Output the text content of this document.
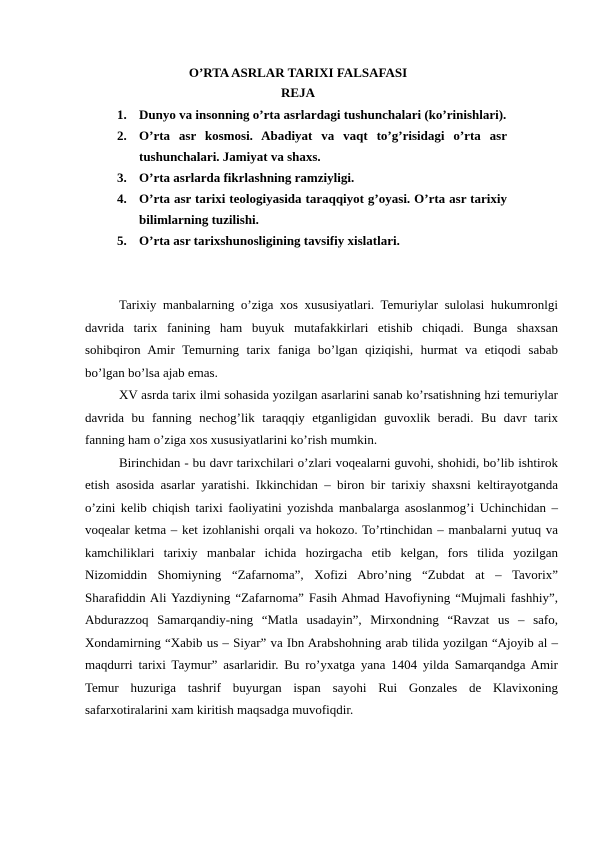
O’RTA ASRLAR TARIXI FALSAFASI
REJA
1. Dunyo va insonning o’rta asrlardagi tushunchalari (ko’rinishlari).
2. O’rta asr kosmosi. Abadiyat va vaqt to’g’risidagi o’rta asr tushunchalari. Jamiyat va shaxs.
3. O’rta asrlarda fikrlashning ramziyligi.
4. O’rta asr tarixi teologiyasida taraqqiyot g’oyasi. O’rta asr tarixiy bilimlarning tuzilishi.
5. O’rta asr tarixshunosligining tavsifiy xislatlari.

Tarixiy manbalarning o’ziga xos xususiyatlari. Temuriylar sulolasi hukumronlgi davrida tarix fanining ham buyuk mutafakkirlari etishib chiqadi. Bunga shaxsan sohibqiron Amir Temurning tarix faniga bo’lgan qiziqishi, hurmat va etiqodi sabab bo’lgan bo’lsa ajab emas.

XV asrda tarix ilmi sohasida yozilgan asarlarini sanab ko’rsatishning hzi temuriylar davrida bu fanning nechog’lik taraqqiy etganligidan guvoxlik beradi. Bu davr tarix fanning ham o’ziga xos xususiyatlarini ko’rish mumkin.

Birinchidan - bu davr tarixchilari o’zlari voqealarni guvohi, shohidi, bo’lib ishtirok etish asosida asarlar yaratishi. Ikkinchidan – biron bir tarixiy shaxsni keltirayotganda o’zini kelib chiqish tarixi faoliyatini yozishda manbalarga asoslanmog’i Uchinchidan – voqealar ketma – ket izohlanishi orqali va hokozo. To’rtinchidan – manbalarni yutuq va kamchiliklari tarixiy manbalar ichida hozirgacha etib kelgan, fors tilida yozilgan Nizomiddin Shomiyning “Zafarnoma”, Xofizi Abro’ning “Zubdat at – Tavorix” Sharafiddin Ali Yazdiyning “Zafarnoma” Fasih Ahmad Havofiyning “Mujmali fashhiy”, Abdurazzoq Samarqandiy-ning “Matla usadayin”, Mirxondning “Ravzat us – safo, Xondamirning “Xabib us – Siyar” va Ibn Arabshohning arab tilida yozilgan “Ajoyib al – maqdurri tarixi Taymur” asarlaridir. Bu ro’yxatga yana 1404 yilda Samarqandga Amir Temur huzuriga tashrif buyurgan ispan sayohi Rui Gonzales de Klavixoning safarxotiralarini xam kiritish maqsadga muvofiqdir.
